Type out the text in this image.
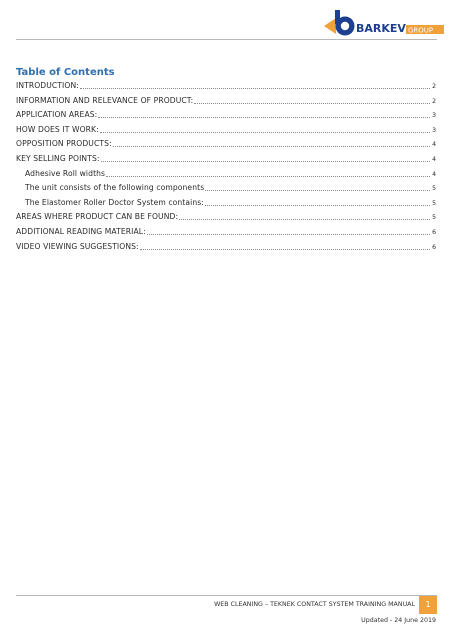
BARKEV GROUP
Table of Contents
INTRODUCTION:	2
INFORMATION AND RELEVANCE OF PRODUCT:	2
APPLICATION AREAS:	3
HOW DOES IT WORK:	3
OPPOSITION PRODUCTS:	4
KEY SELLING POINTS:	4
Adhesive Roll widths	4
The unit consists of the following components	5
The Elastomer Roller Doctor System contains:	5
AREAS WHERE PRODUCT CAN BE FOUND:	5
ADDITIONAL READING MATERIAL:	6
VIDEO VIEWING SUGGESTIONS:	6
WEB CLEANING – TEKNEK CONTACT SYSTEM TRAINING MANUAL	1
Updated - 24 June 2019
